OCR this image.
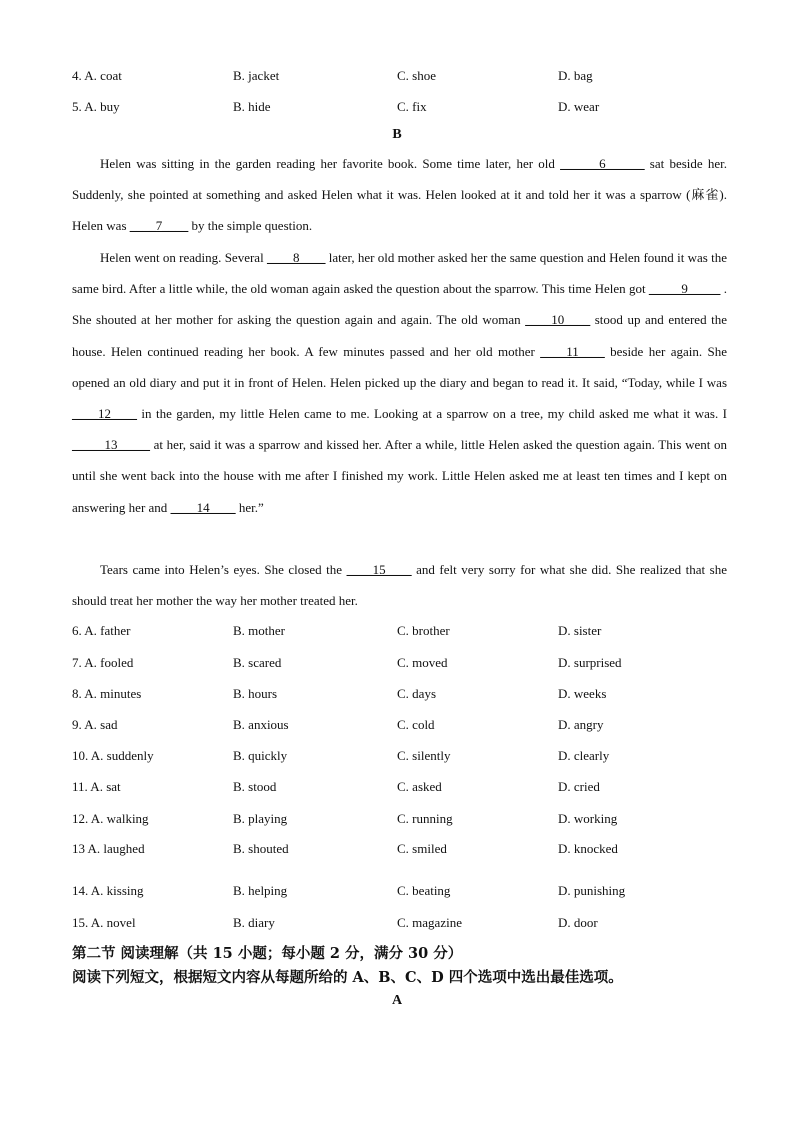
4. A. coat	B. jacket	C. shoe	D. bag
5. A. buy	B. hide	C. fix	D. wear
B
Helen was sitting in the garden reading her favorite book. Some time later, her old ______6______ sat beside her. Suddenly, she pointed at something and asked Helen what it was. Helen looked at it and told her it was a sparrow (麻雀). Helen was ____7____ by the simple question.
Helen went on reading. Several ____8____ later, her old mother asked her the same question and Helen found it was the same bird. After a little while, the old woman again asked the question about the sparrow. This time Helen got _____9_____ . She shouted at her mother for asking the question again and again. The old woman ____10____ stood up and entered the house. Helen continued reading her book. A few minutes passed and her old mother ____11____ beside her again. She opened an old diary and put it in front of Helen. Helen picked up the diary and began to read it. It said, “Today, while I was ____12____ in the garden, my little Helen came to me. Looking at a sparrow on a tree, my child asked me what it was. I _____13_____ at her, said it was a sparrow and kissed her. After a while, little Helen asked the question again. This went on until she went back into the house with me after I finished my work. Little Helen asked me at least ten times and I kept on answering her and ____14____ her.”
Tears came into Helen’s eyes. She closed the ____15____ and felt very sorry for what she did. She realized that she should treat her mother the way her mother treated her.
6. A. father	B. mother	C. brother	D. sister
7. A. fooled	B. scared	C. moved	D. surprised
8. A. minutes	B. hours	C. days	D. weeks
9. A. sad	B. anxious	C. cold	D. angry
10. A. suddenly	B. quickly	C. silently	D. clearly
11. A. sat	B. stood	C. asked	D. cried
12. A. walking	B. playing	C. running	D. working
13 A. laughed	B. shouted	C. smiled	D. knocked
14. A. kissing	B. helping	C. beating	D. punishing
15. A. novel	B. diary	C. magazine	D. door
第二节 阅读理解（共 15 小题；每小题 2 分，满分 30 分）
阅读下列短文，根据短文内容从每题所给的 A、B、C、D 四个选项中选出最佳选项。
A
